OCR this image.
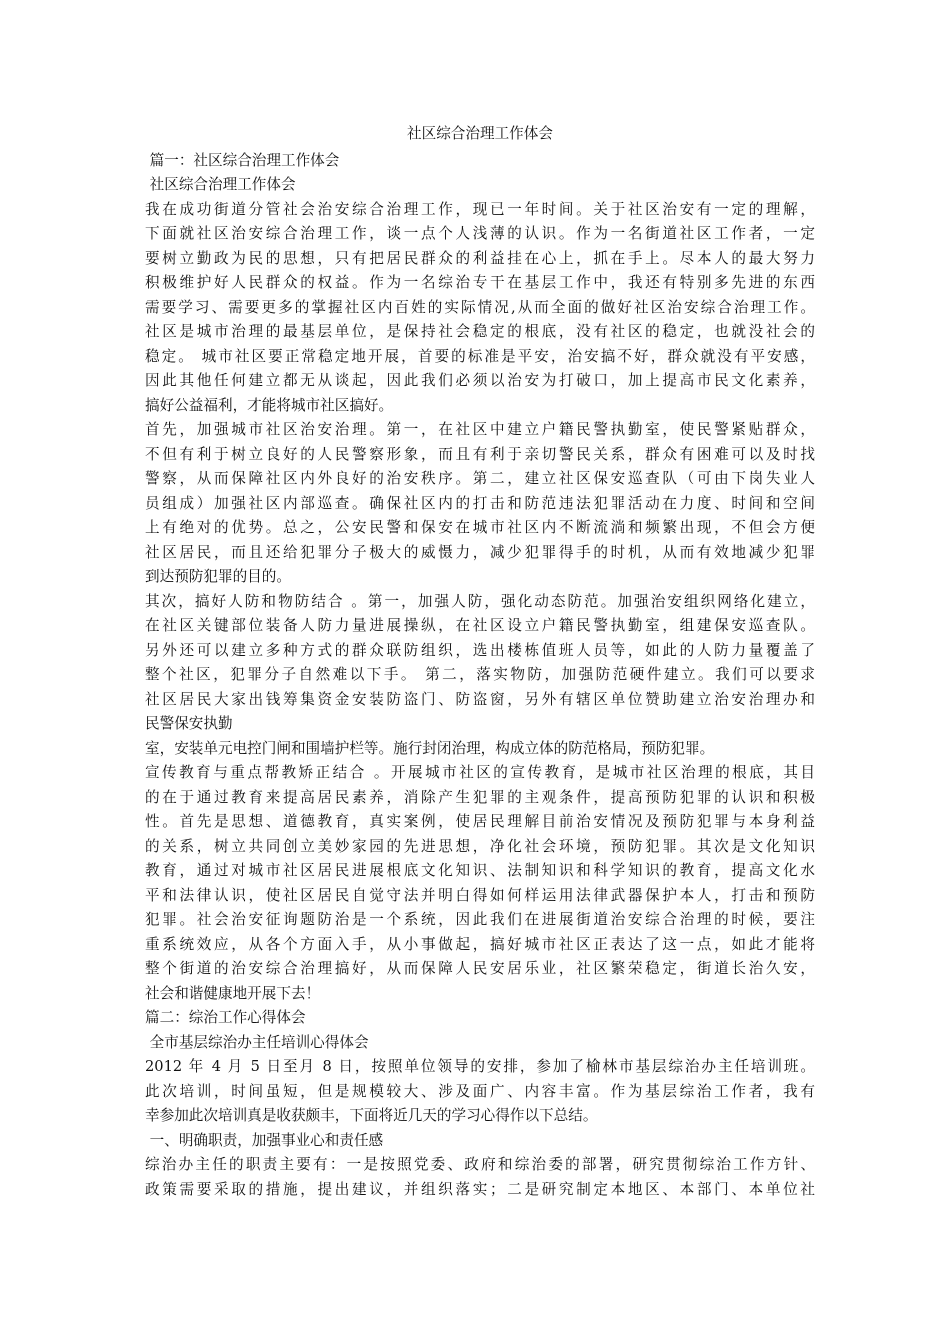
社区综合治理工作体会
篇一：社区综合治理工作体会
社区综合治理工作体会
我在成功街道分管社会治安综合治理工作，现已一年时间。关于社区治安有一定的理解，
下面就社区治安综合治理工作，谈一点个人浅薄的认识。作为一名街道社区工作者，一定
要树立勤政为民的思想，只有把居民群众的利益挂在心上，抓在手上。尽本人的最大努力
积极维护好人民群众的权益。作为一名综治专干在基层工作中，我还有特别多先进的东西
需要学习、需要更多的掌握社区内百姓的实际情况,从而全面的做好社区治安综合治理工作。
社区是城市治理的最基层单位，是保持社会稳定的根底，没有社区的稳定，也就没社会的
稳定。 城市社区要正常稳定地开展，首要的标准是平安，治安搞不好，群众就没有平安感，
因此其他任何建立都无从谈起，因此我们必须以治安为打破口，加上提高市民文化素养，
搞好公益福利，才能将城市社区搞好。
首先，加强城市社区治安治理。第一，在社区中建立户籍民警执勤室，使民警紧贴群众，
不但有利于树立良好的人民警察形象，而且有利于亲切警民关系，群众有困难可以及时找
警察，从而保障社区内外良好的治安秩序。第二，建立社区保安巡查队（可由下岗失业人
员组成）加强社区内部巡查。确保社区内的打击和防范违法犯罪活动在力度、时间和空间
上有绝对的优势。总之，公安民警和保安在城市社区内不断流淌和频繁出现，不但会方便
社区居民，而且还给犯罪分子极大的威慑力，减少犯罪得手的时机，从而有效地减少犯罪
到达预防犯罪的目的。
其次，搞好人防和物防结合 。第一，加强人防，强化动态防范。加强治安组织网络化建立，
在社区关键部位装备人防力量进展操纵，在社区设立户籍民警执勤室，组建保安巡查队。
另外还可以建立多种方式的群众联防组织，选出楼栋值班人员等，如此的人防力量覆盖了
整个社区，犯罪分子自然难以下手。 第二，落实物防，加强防范硬件建立。我们可以要求
社区居民大家出钱筹集资金安装防盗门、防盗窗，另外有辖区单位赞助建立治安治理办和
民警保安执勤
室，安装单元电控门闸和围墙护栏等。施行封闭治理，构成立体的防范格局，预防犯罪。
宣传教育与重点帮教矫正结合 。开展城市社区的宣传教育，是城市社区治理的根底，其目
的在于通过教育来提高居民素养，消除产生犯罪的主观条件，提高预防犯罪的认识和积极
性。首先是思想、道德教育，真实案例，使居民理解目前治安情况及预防犯罪与本身利益
的关系，树立共同创立美妙家园的先进思想，净化社会环境，预防犯罪。其次是文化知识
教育，通过对城市社区居民进展根底文化知识、法制知识和科学知识的教育，提高文化水
平和法律认识，使社区居民自觉守法并明白得如何样运用法律武器保护本人，打击和预防
犯罪。社会治安征询题防治是一个系统，因此我们在进展街道治安综合治理的时候，要注
重系统效应，从各个方面入手，从小事做起，搞好城市社区正表达了这一点，如此才能将
整个街道的治安综合治理搞好，从而保障人民安居乐业，社区繁荣稳定，街道长治久安，
社会和谐健康地开展下去！
篇二：综治工作心得体会
全市基层综治办主任培训心得体会
2012 年 4 月 5 日至月 8 日，按照单位领导的安排，参加了榆林市基层综治办主任培训班。
此次培训，时间虽短，但是规模较大、涉及面广、内容丰富。作为基层综治工作者，我有
幸参加此次培训真是收获颇丰，下面将近几天的学习心得作以下总结。
一、明确职责，加强事业心和责任感
综治办主任的职责主要有：一是按照党委、政府和综治委的部署，研究贯彻综治工作方针、
政策需要采取的措施，提出建议，并组织落实；二是研究制定本地区、本部门、本单位社
